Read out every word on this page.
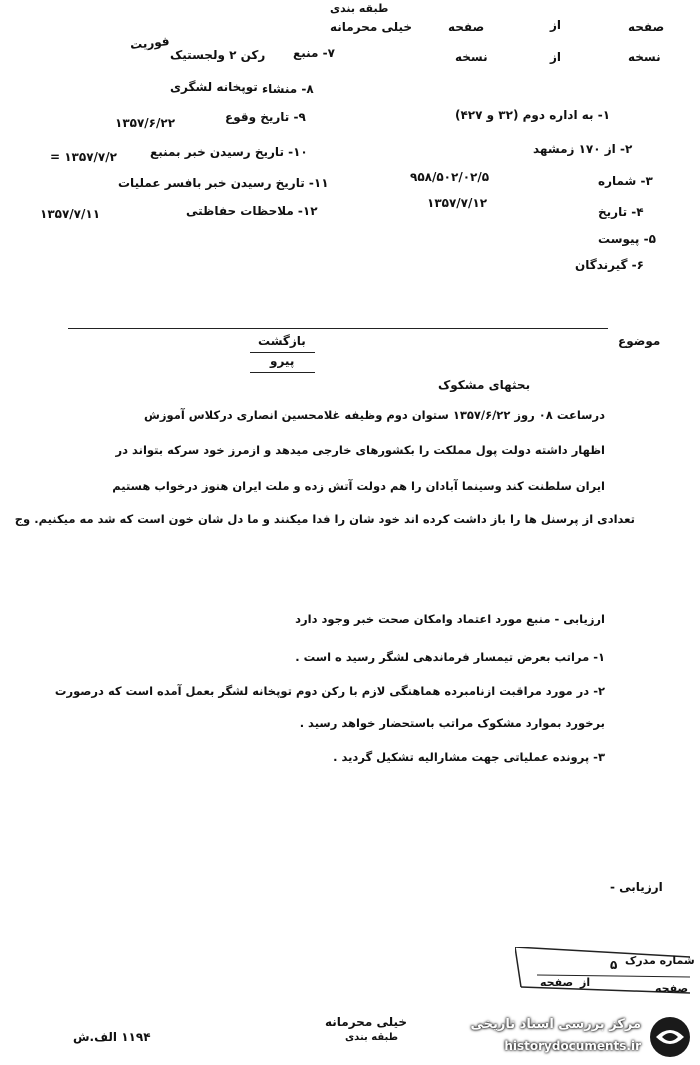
طبقه بندی
خیلی محرمانه	صفحه
از
صفحه
نسخه
از
نسخه
فوریت
۷- منبع
رکن ۲ ولجستیک
۸- منشاء
توپخانه لشگری
۹- تاریخ وقوع
۱۳۵۷/۶/۲۲
۱۰- تاریخ رسیدن خبر بمنبع
۱۳۵۷/۷/۲ =
۱۱- تاریخ رسیدن خبر بافسر عملیات
۱۲- ملاحظات حفاظتی
۱۳۵۷/۷/۱۱
۱- به اداره دوم (۳۲ و ۴۲۷)
۲- از ۱۷۰ زمشهد
۳- شماره
۹۵۸/۵۰۲/۰۲/۵
۴- تاریخ
۱۳۵۷/۷/۱۲
۵- پیوست
۶- گیرندگان
موضوع
بازگشت
پیرو
بحثهای مشکوک
درساعت ۰۸ روز ۱۳۵۷/۶/۲۲ ستوان دوم وظیفه غلامحسین انصاری درکلاس آموزش
اظهار داشته دولت پول مملکت را بکشورهای خارجی میدهد و ازمرز خود سرکه بتواند در
ایران سلطنت کند وسینما آبادان را هم دولت آتش زده و ملت ایران هنوز درخواب هستیم
تعدادی از پرسنل ها را باز داشت کرده اند خود شان را فدا میکنند و ما دل شان خون است که شد مه میکنیم. وج
ارزیابی - منبع مورد اعتماد وامکان صحت خبر وجود دارد
۱- مراتب بعرض تیمسار فرماندهی لشگر رسید ه است .
۲- در مورد مراقبت ازنامبرده هماهنگی لازم با رکن دوم توپخانه لشگر بعمل آمده است که درصورت
برخورد بموارد مشکوک مراتب باستحضار خواهد رسید .
۳- پرونده عملیاتی جهت مشارالیه تشکیل گردید .
ارزیابی -
شماره مدرک
۵
از
صفحه	صفحه
خیلی محرمانه
طبقه بندی
۱۱۹۴ الف.ش
مرکز بررسی اسناد تاریخی
historydocuments.ir
